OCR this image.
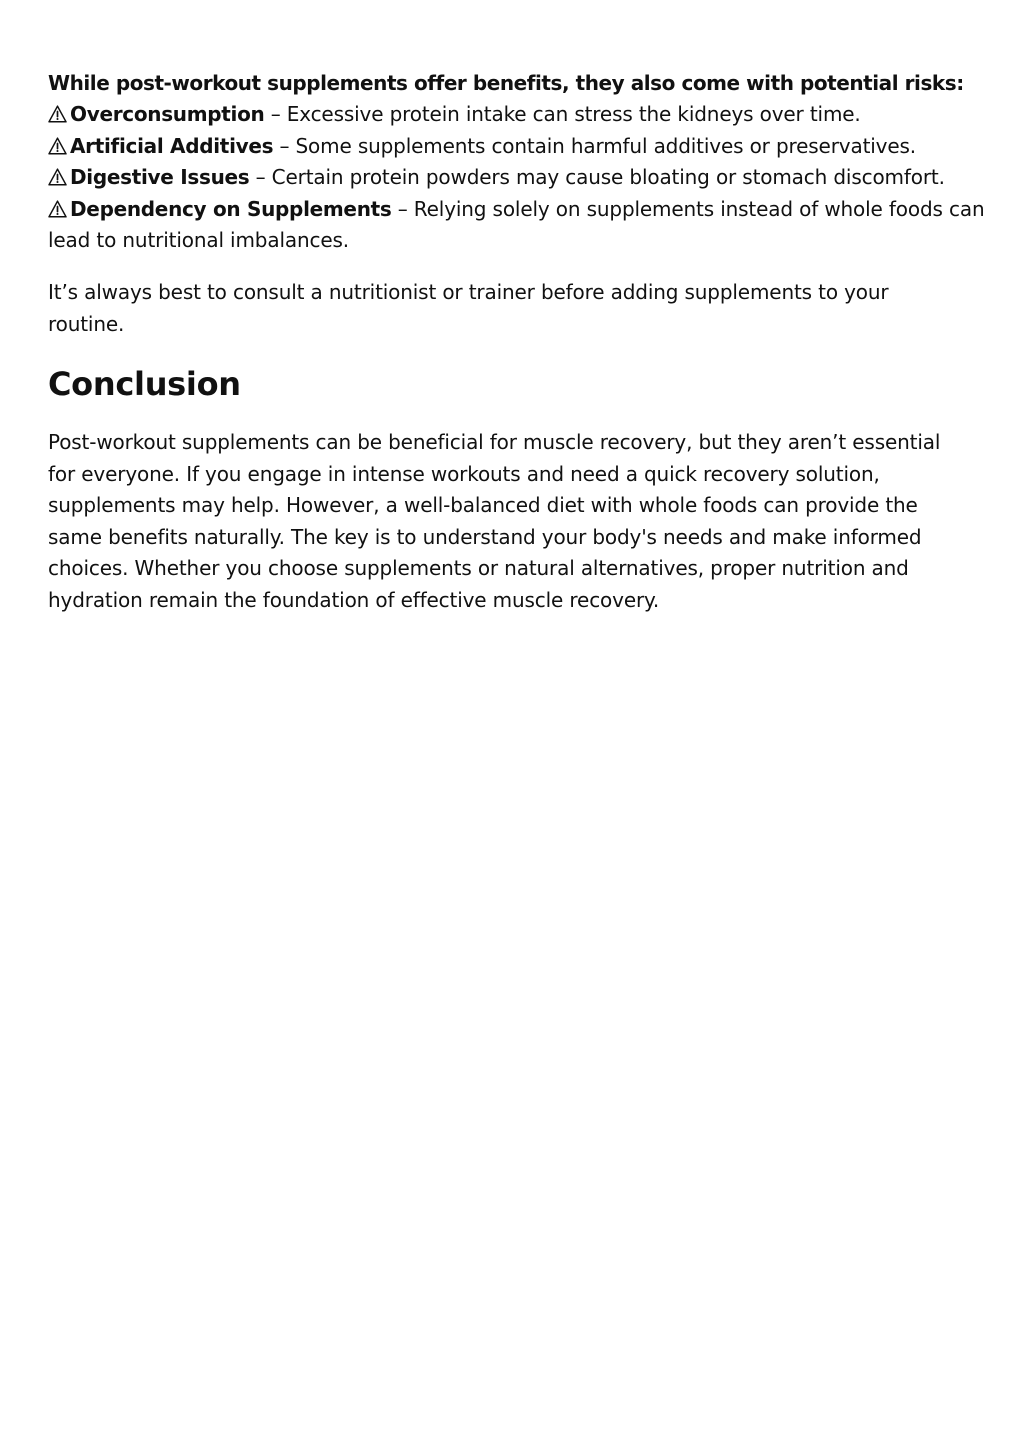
While post-workout supplements offer benefits, they also come with potential risks:

Overconsumption – Excessive protein intake can stress the kidneys over time.

Artificial Additives – Some supplements contain harmful additives or preservatives.

Digestive Issues – Certain protein powders may cause bloating or stomach discomfort.

Dependency on Supplements – Relying solely on supplements instead of whole foods can lead to nutritional imbalances.

It’s always best to consult a nutritionist or trainer before adding supplements to your routine.

Conclusion

Post-workout supplements can be beneficial for muscle recovery, but they aren’t essential for everyone. If you engage in intense workouts and need a quick recovery solution, supplements may help. However, a well-balanced diet with whole foods can provide the same benefits naturally. The key is to understand your body's needs and make informed choices. Whether you choose supplements or natural alternatives, proper nutrition and hydration remain the foundation of effective muscle recovery.
